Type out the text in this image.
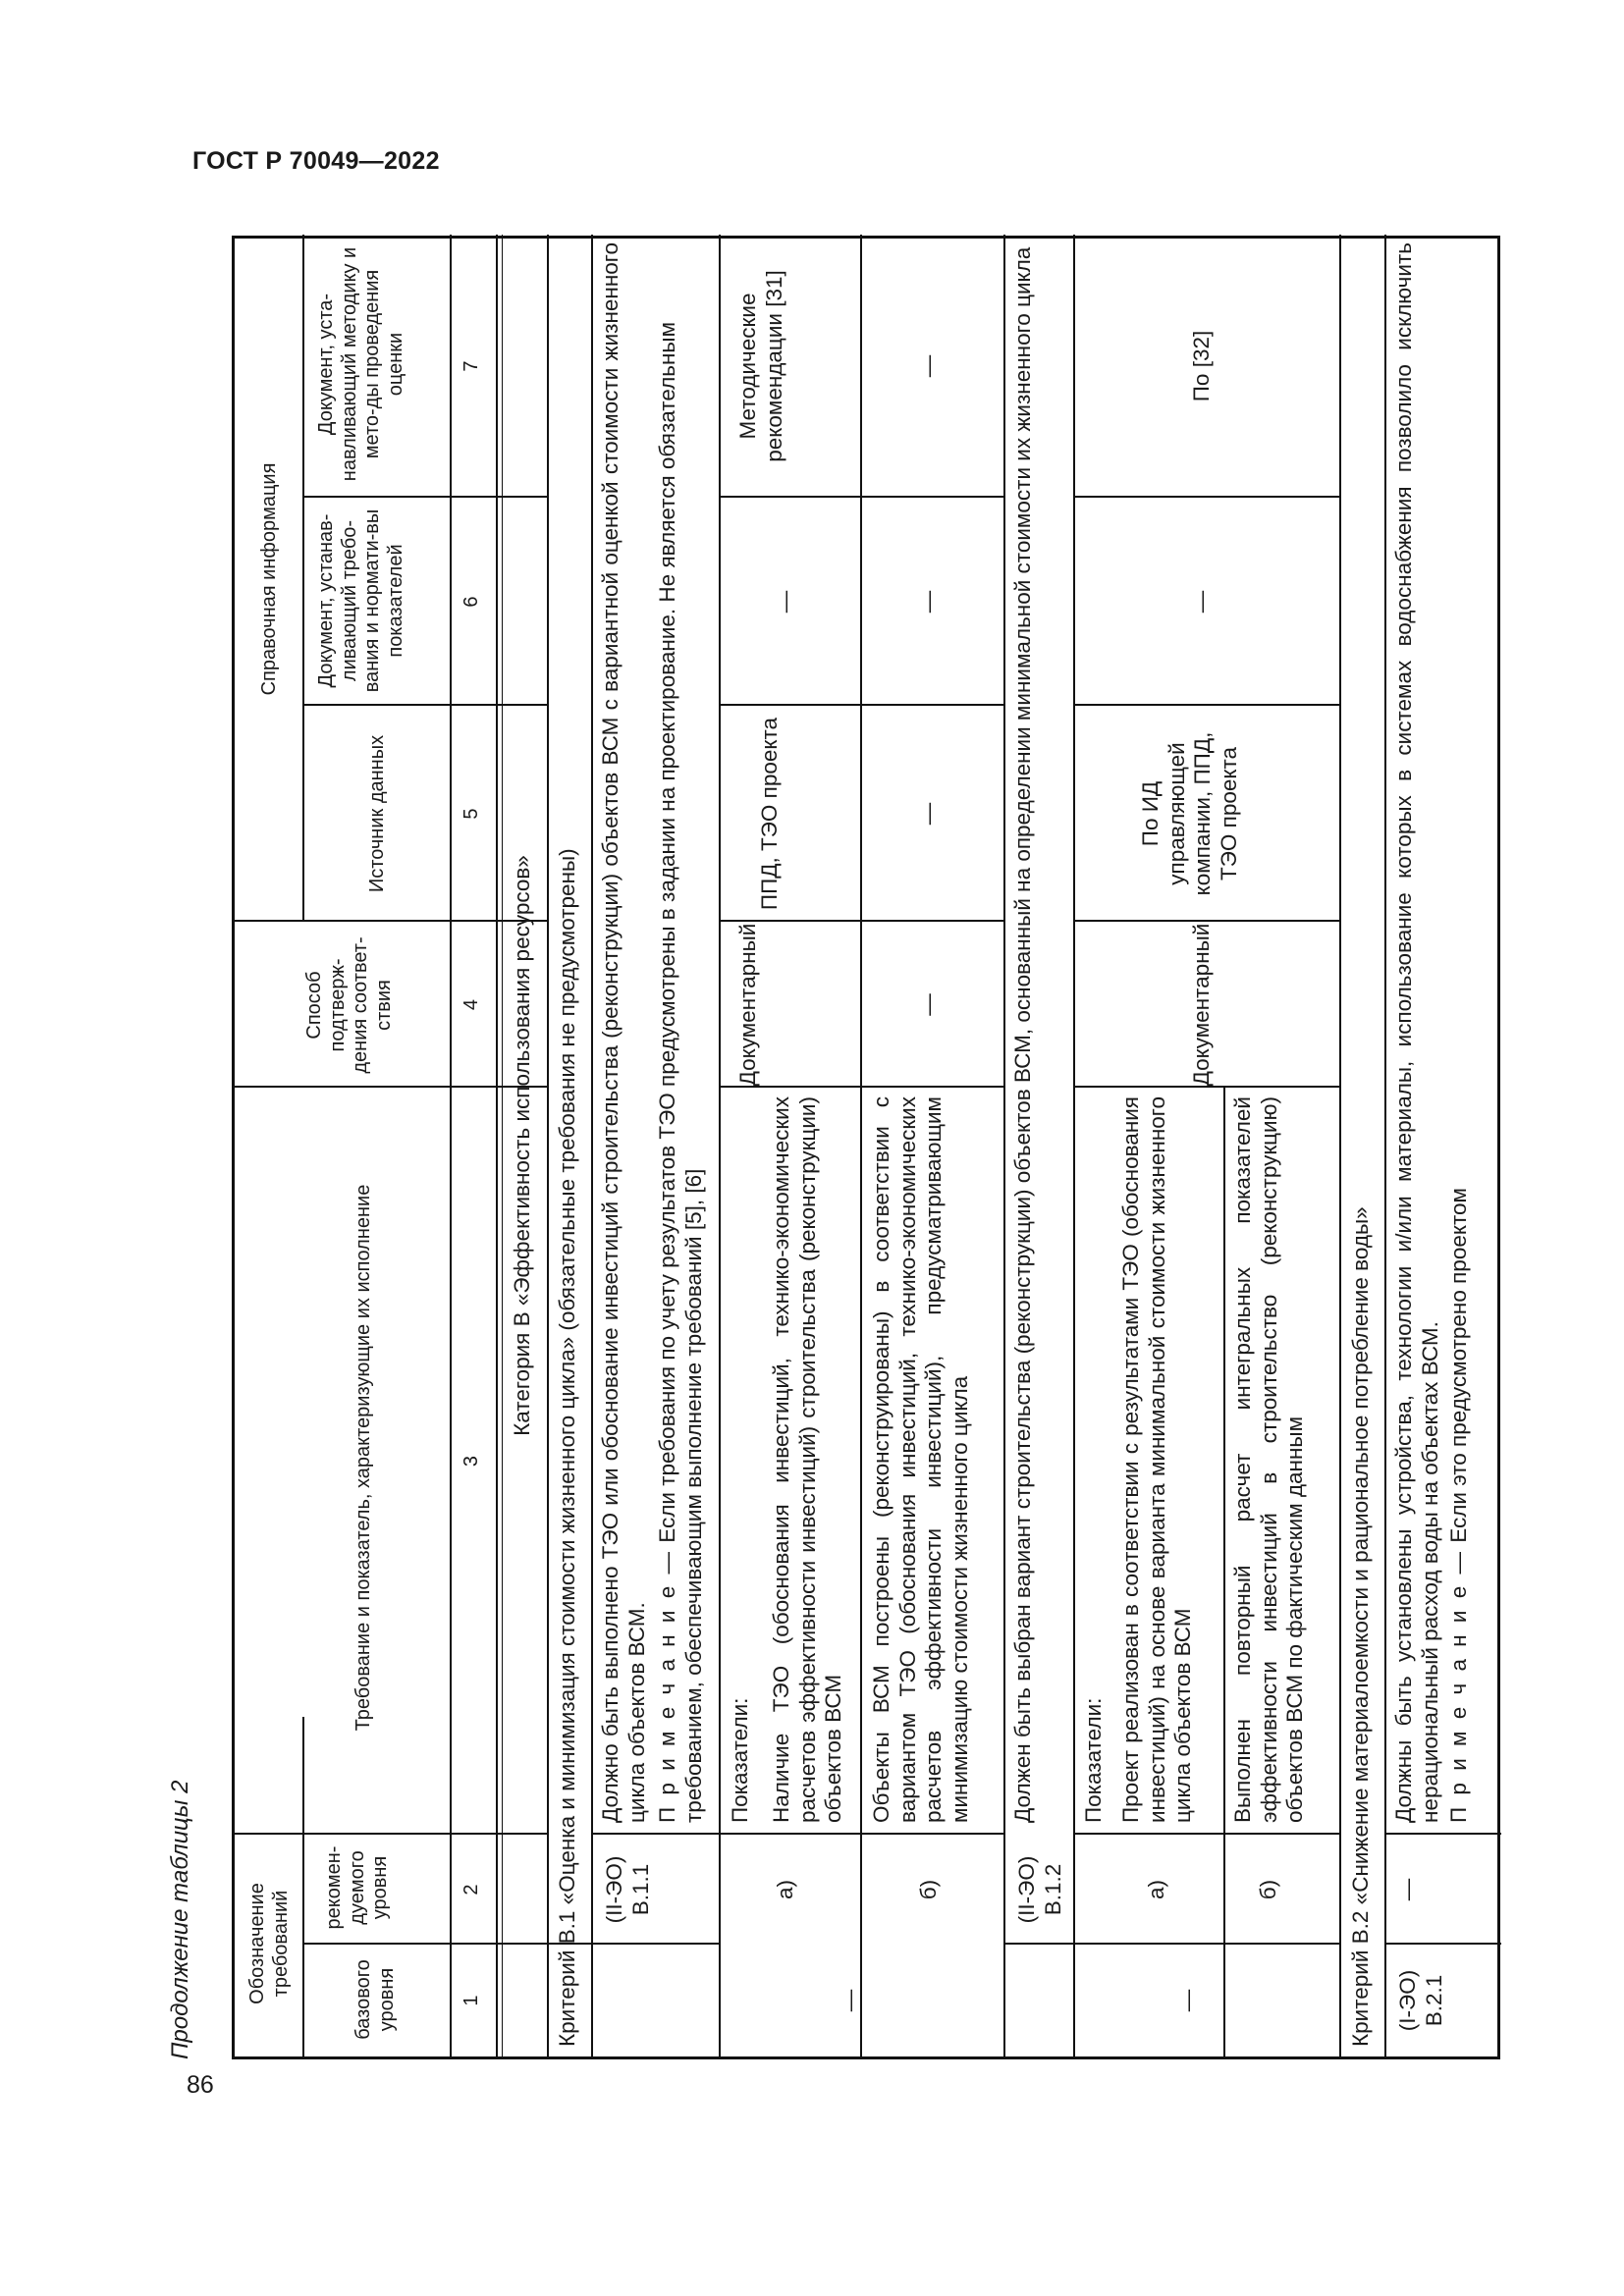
ГОСТ Р 70049—2022
86
Продолжение таблицы 2	Обозначение требований
базового уровня
рекомен-дуемого уровня
Требование и показатель, характеризующие их исполнение
Способ подтверж-дения соответ-ствия
Справочная информация
Источник данных
Документ, устанав-ливающий требо-вания и нормати-вы показателей
Документ, уста-навливающий методику и мето-ды проведения оценки
1
2
3
4
5
6
7
Категория В «Эффективность использования ресурсов» Критерий В.1 «Оценка и минимизация стоимости жизненного цикла» (обязательные требования не предусмотрены)	—
(II-ЭО) В.1.1
Должно быть выполнено ТЭО или обоснование инвестиций строительства (реконструкции) объектов ВСМ с вариантной оценкой стоимости жизненного цикла объектов ВСМ. П р и м е ч а н и е — Если требования по учету результатов ТЭО предусмотрены в задании на проектирование. Не является обязательным требованием, обеспечивающим выполнение требований [5], [6] Показатели:
а)
Наличие ТЭО (обоснования инвестиций, технико-экономических расчетов эффективности инвестиций) строительства (реконструкции) объектов ВСМ
Документарный
ППД, ТЭО проекта
—
Методические рекомендации [31]
б)
Объекты ВСМ построены (реконструированы) в соответствии с вариантом ТЭО (обоснования инвестиций, технико-экономических расчетов эффективности инвестиций), предусматривающим минимизацию стоимости жизненного цикла
—
—
—
—
—
(II-ЭО) В.1.2
Должен быть выбран вариант строительства (реконструкции) объектов ВСМ, основанный на определении минимальной стоимости их жизненного цикла Показатели:
а)
Проект реализован в соответствии с результатами ТЭО (обоснования инвестиций) на основе варианта минимальной стоимости жизненного цикла объектов ВСМ
б)
Выполнен повторный расчет интегральных показателей эффективности инвестиций в строительство (реконструкцию) объектов ВСМ по фактическим данным
Документарный
По ИД управляющей компании, ППД, ТЭО проекта
—
По [32]
Критерий В.2 «Снижение материалоемкости и рациональное потребление воды» (I-ЭО) В.2.1
—
Должны быть установлены устройства, технологии и/или материалы, использование которых в системах водоснабжения позволило исключить нерациональный расход воды на объектах ВСМ. П р и м е ч а н и е — Если это предусмотрено проектом
